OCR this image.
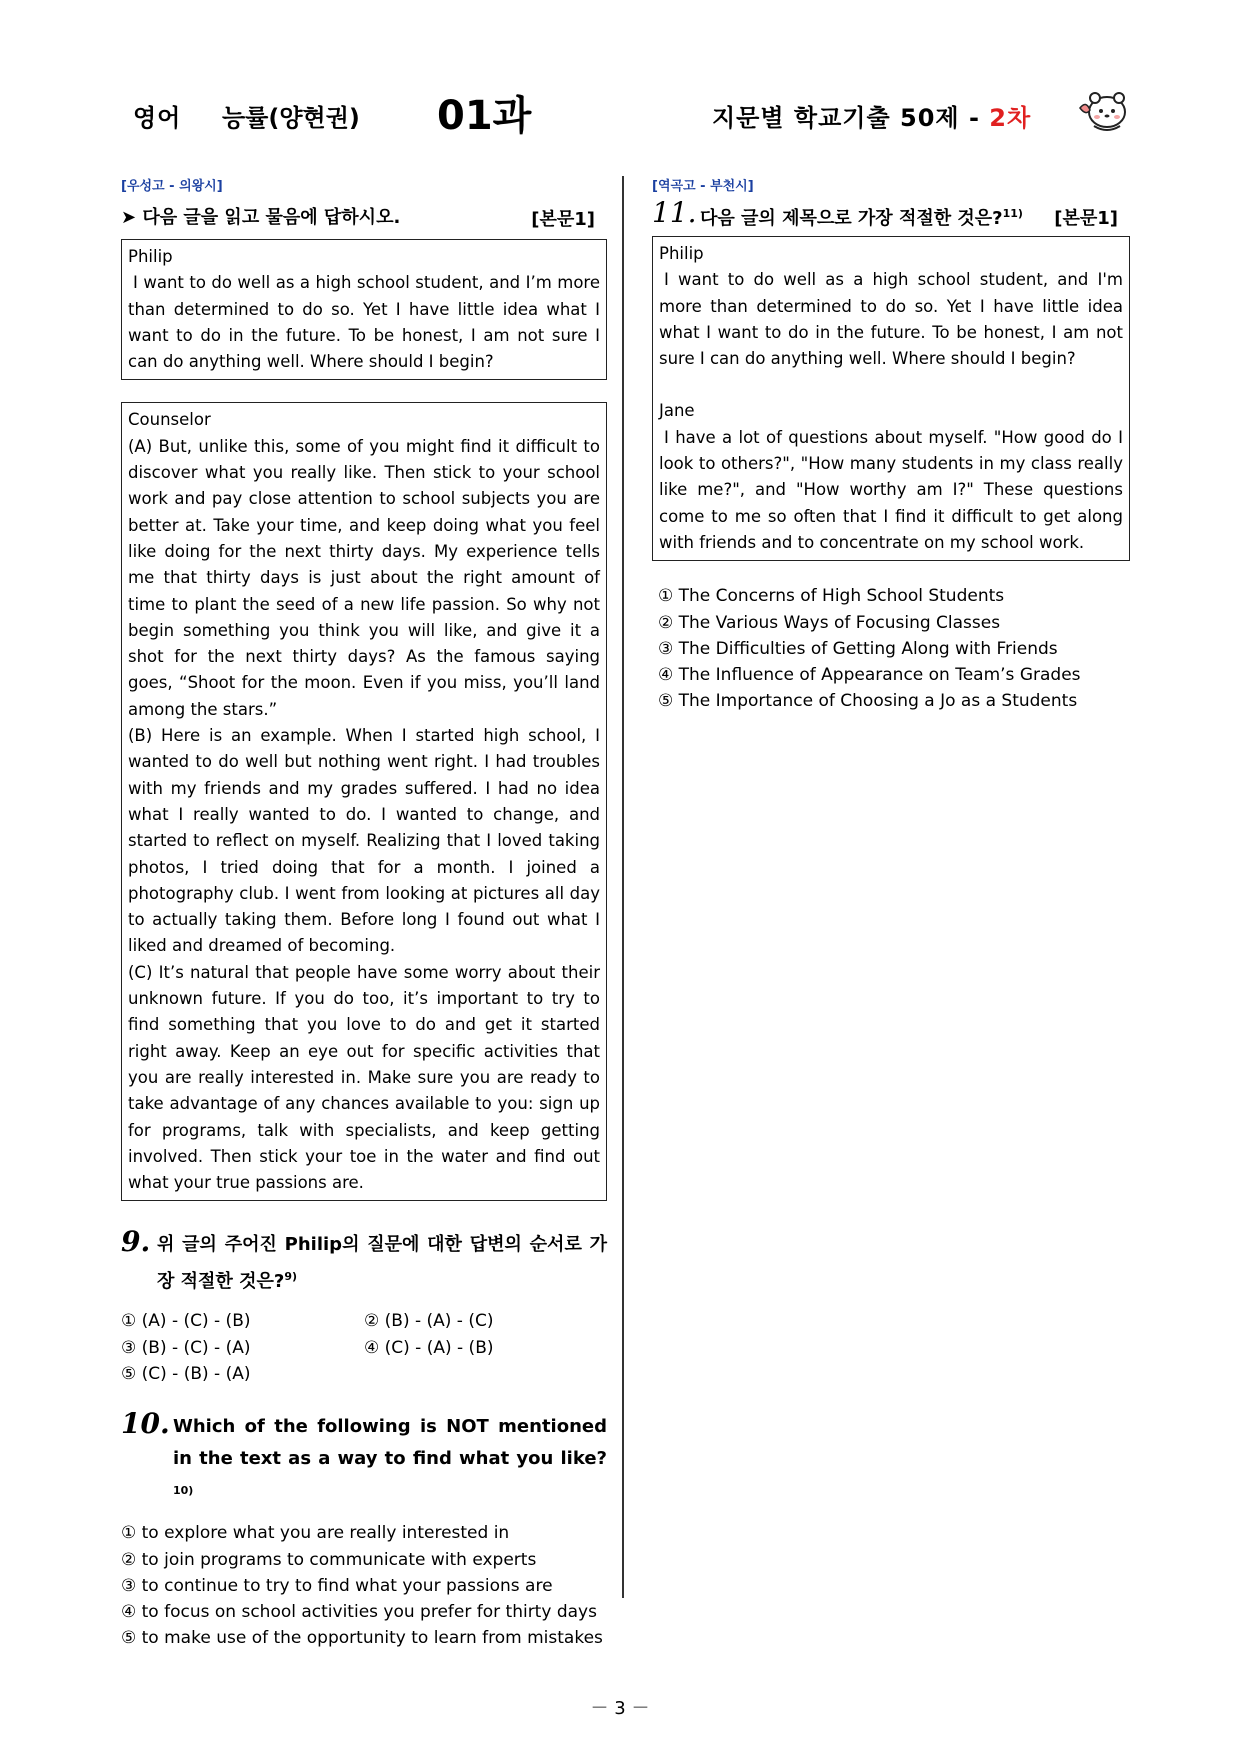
영어 능률(양현권) 01과	지문별 학교기출 50제 - 2차
[우성고 - 의왕시]
➤ 다음 글을 읽고 물음에 답하시오.	[본문1]

Philip

I want to do well as a high school student, and I’m more than determined to do so. Yet I have little idea what I want to do in the future. To be honest, I am not sure I can do anything well. Where should I begin?

Counselor

(A) But, unlike this, some of you might find it difficult to discover what you really like. Then stick to your school work and pay close attention to school subjects you are better at. Take your time, and keep doing what you feel like doing for the next thirty days. My experience tells me that thirty days is just about the right amount of time to plant the seed of a new life passion. So why not begin something you think you will like, and give it a shot for the next thirty days? As the famous saying goes, “Shoot for the moon. Even if you miss, you’ll land among the stars.”

(B) Here is an example. When I started high school, I wanted to do well but nothing went right. I had troubles with my friends and my grades suffered. I had no idea what I really wanted to do. I wanted to change, and started to reflect on myself. Realizing that I loved taking photos, I tried doing that for a month. I joined a photography club. I went from looking at pictures all day to actually taking them. Before long I found out what I liked and dreamed of becoming.

(C) It’s natural that people have some worry about their unknown future. If you do too, it’s important to try to find something that you love to do and get it started right away. Keep an eye out for specific activities that you are really interested in. Make sure you are ready to take advantage of any chances available to you: sign up for programs, talk with specialists, and keep getting involved. Then stick your toe in the water and find out what your true passions are.

9. 위 글의 주어진 Philip의 질문에 대한 답변의 순서로 가장 적절한 것은?$^{9)}$
① (A) - (C) - (B)	② (B) - (A) - (C)
③ (B) - (C) - (A)	④ (C) - (A) - (B)
⑤ (C) - (B) - (A)
10. Which of the following is NOT mentioned in the text as a way to find what you like?$^{10)}$
① to explore what you are really interested in
② to join programs to communicate with experts
③ to continue to try to find what your passions are
④ to focus on school activities you prefer for thirty days
⑤ to make use of the opportunity to learn from mistakes
[역곡고 - 부천시]
11. 다음 글의 제목으로 가장 적절한 것은?$^{11)}$ [본문1]

Philip

I want to do well as a high school student, and I'm more than determined to do so. Yet I have little idea what I want to do in the future. To be honest, I am not sure I can do anything well. Where should I begin?

Jane

I have a lot of questions about myself. "How good do I look to others?", "How many students in my class really like me?", and "How worthy am I?" These questions come to me so often that I find it difficult to get along with friends and to concentrate on my school work.

① The Concerns of High School Students
② The Various Ways of Focusing Classes
③ The Difficulties of Getting Along with Friends
④ The Influence of Appearance on Team’s Grades
⑤ The Importance of Choosing a Jo as a Students
－ 3 －
